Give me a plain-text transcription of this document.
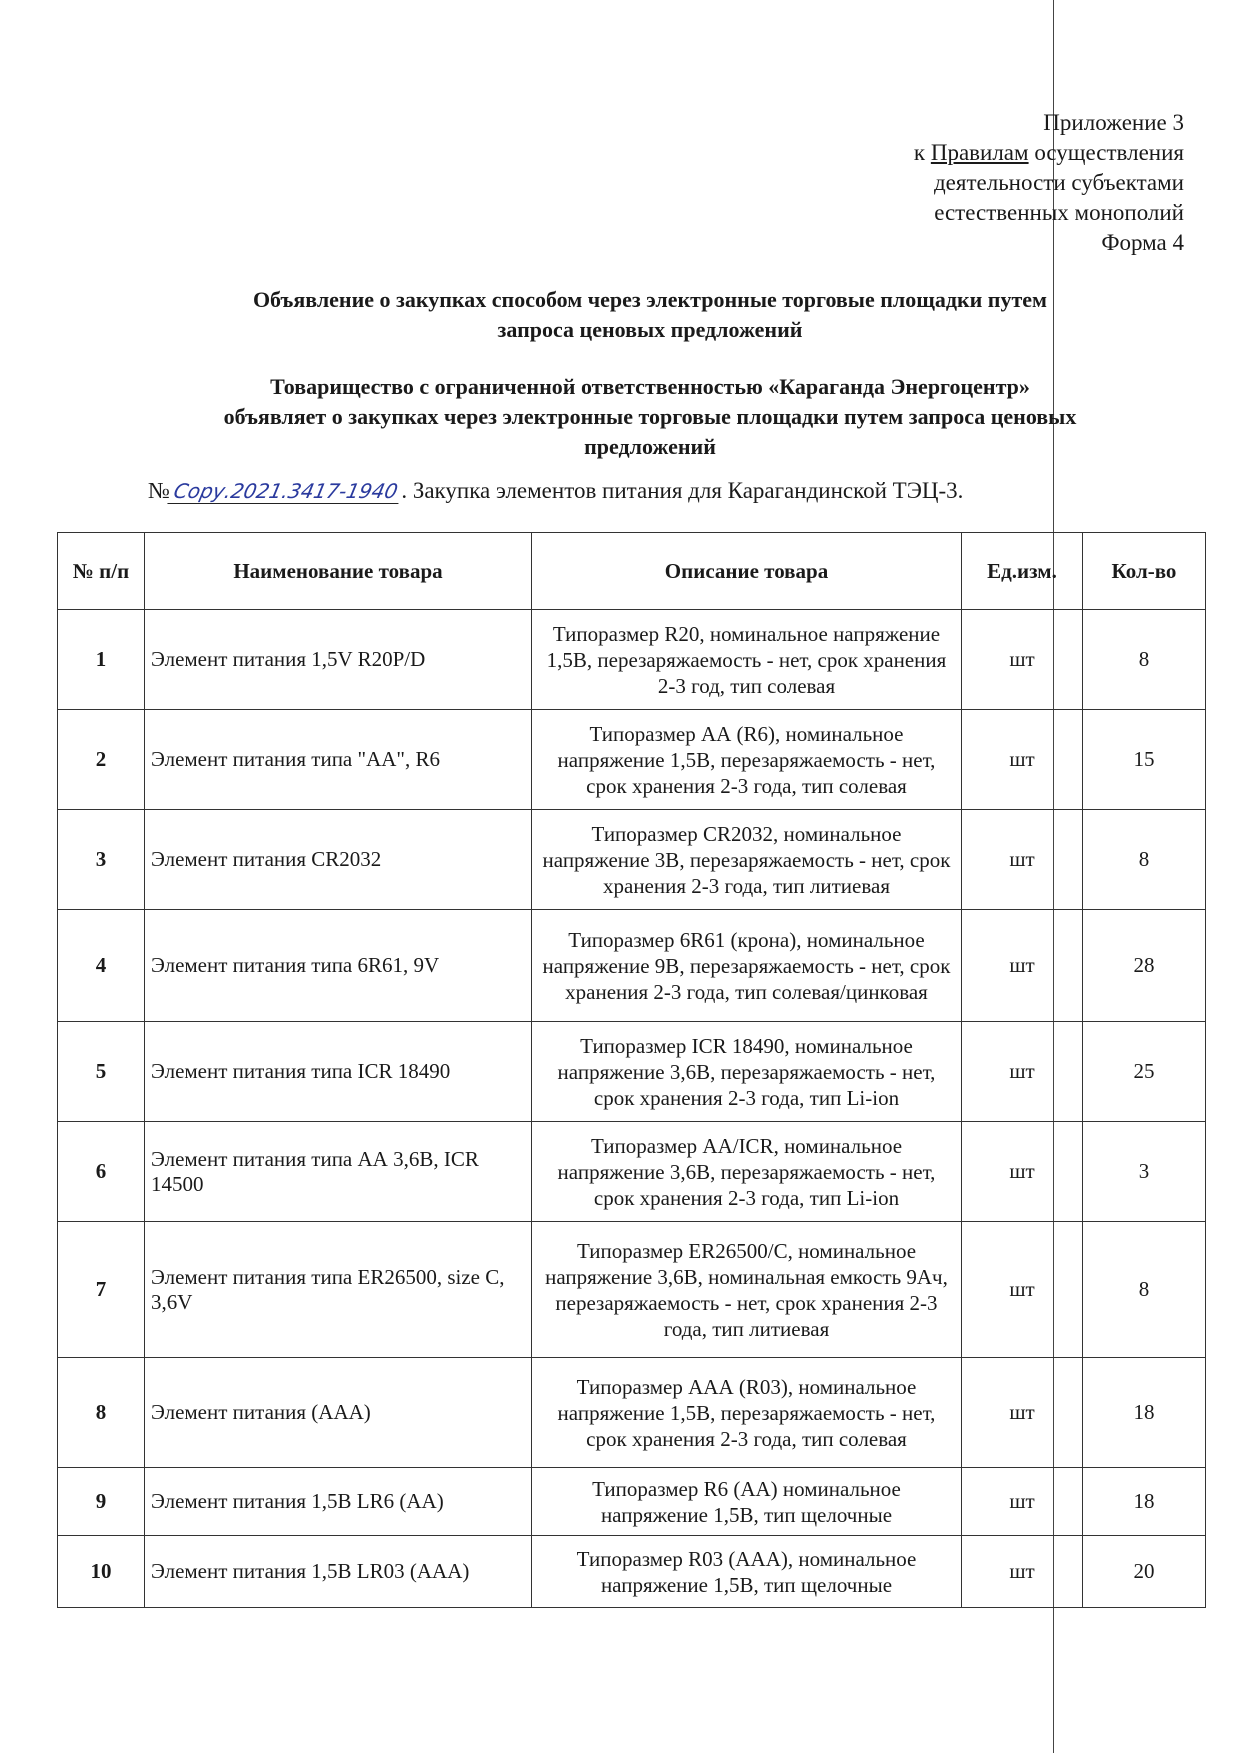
Приложение 3
к Правилам осуществления
деятельности субъектами
естественных монополий
Форма 4
Объявление о закупках способом через электронные торговые площадки путем
запроса ценовых предложений
Товарищество с ограниченной ответственностью «Караганда Энергоцентр»
объявляет о закупках через электронные торговые площадки путем запроса ценовых
предложений
№Сору.2021.3417-1940. Закупка элементов питания для Карагандинской ТЭЦ-3.
№ п/п	Наименование товара	Описание товара	Ед.изм.	Кол-во
1	Элемент питания 1,5V R20P/D	Типоразмер R20, номинальное напряжение 1,5В, перезаряжаемость - нет, срок хранения 2-3 год, тип солевая	шт	8
2	Элемент питания типа "АА", R6	Типоразмер АА (R6), номинальное напряжение 1,5В, перезаряжаемость - нет, срок хранения 2-3 года, тип солевая	шт	15
3	Элемент питания CR2032	Типоразмер CR2032, номинальное напряжение 3В, перезаряжаемость - нет, срок хранения 2-3 года, тип литиевая	шт	8
4	Элемент питания типа 6R61, 9V	Типоразмер 6R61 (крона), номинальное напряжение 9В, перезаряжаемость - нет, срок хранения 2-3 года, тип солевая/цинковая	шт	28
5	Элемент питания типа ICR 18490	Типоразмер ICR 18490, номинальное напряжение 3,6В, перезаряжаемость - нет, срок хранения 2-3 года, тип Li-ion	шт	25
6	Элемент питания типа АА 3,6В, ICR 14500	Типоразмер АА/ICR, номинальное напряжение 3,6В, перезаряжаемость - нет, срок хранения 2-3 года, тип Li-ion	шт	3
7	Элемент питания типа ER26500, size C, 3,6V	Типоразмер ER26500/C, номинальное напряжение 3,6В, номинальная емкость 9Ач, перезаряжаемость - нет, срок хранения 2-3 года, тип литиевая	шт	8
8	Элемент питания (ААА)	Типоразмер ААА (R03), номинальное напряжение 1,5В, перезаряжаемость - нет, срок хранения 2-3 года, тип солевая	шт	18
9	Элемент питания 1,5В LR6 (AA)	Типоразмер R6 (AA) номинальное напряжение 1,5В, тип щелочные	шт	18
10	Элемент питания 1,5В LR03 (AAA)	Типоразмер R03 (AAA), номинальное напряжение 1,5В, тип щелочные	шт	20
